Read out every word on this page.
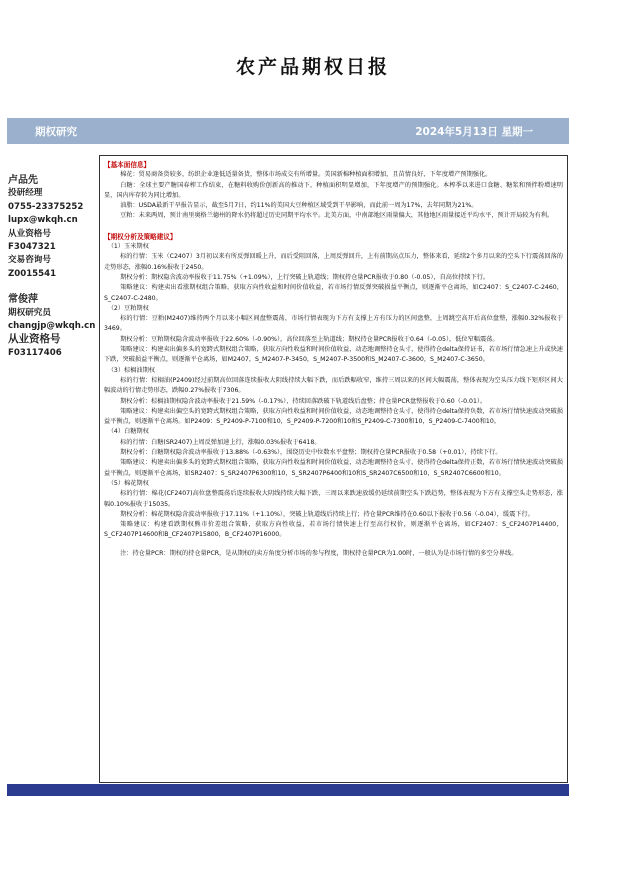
农产品期权日报
期权研究	2024年5月13日 星期一
卢品先
投研经理
0755-23375252
lupx@wkqh.cn
从业资格号
F3047321
交易咨询号
Z0015541
常俊萍
期权研究员
changjp@wkqh.cn
从业资格号
F03117406

【基本面信息】

棉花：贸易商备货较多，纺织企业逢低适量备货，整体市场成交有所增量。美国新棉种植面积增加，且苗情良好，下年度增产预期强化。

白糖：全球主要产糖国春榨工作结束，在糖料收购价创新高的推动下，种植面积明显增加，下年度增产的预期强化。本榨季以来进口食糖、糖浆和预拌粉增速明显，国内库存转为同比增加。

油脂：USDA最新干旱报告显示，截至5月7日，约11%的美国大豆种植区域受到干旱影响，而此前一周为17%，去年同期为21%。

豆粕：未来两周，预计南里奥格兰德州的降水仍将超过历史同期平均水平。北美方面，中南部地区雨量偏大，其他地区雨量接近平均水平，预计开局较为有利。

【期权分析及策略建议】

（1）玉米期权

标的行情：玉米（C2407）3月初以来有所反弹回暖上升，而后受阻回落，上周反弹回升，上有前期高点压力，整体来看，延续2个多月以来的空头下行震荡回落的走势形态，涨幅0.16%报收于2450。

期权分析：期权隐含波动率报收于11.75%（+1.09%），上行突破上轨道线；期权持仓量PCR报收于0.80（-0.05），自高位持续下行。

策略建议：构建卖出看涨期权组合策略，获取方向性收益和时间价值收益，若市场行情反弹突破损益平衡点，则逐渐平仓离场，如C2407：S_C2407-C-2460，S_C2407-C-2480。

（2）豆粕期权

标的行情：豆粕(M2407)维持两个月以来小幅区间盘整震荡，市场行情表现为下方有支撑上方有压力的区间盘整，上周跳空高开后高位盘整，涨幅0.32%报收于3469。

期权分析：豆粕期权隐含波动率报收于22.60%（-0.90%），高位回落至上轨道线；期权持仓量PCR报收于0.64（-0.05），低位窄幅震荡。

策略建议：构建卖出偏多头的宽跨式期权组合策略，获取方向性收益和时间价值收益，动态地调整持仓头寸，使得持仓delta保持证书，若市场行情急速上升或快速下跌，突破损益平衡点，则逐渐平仓离场，如M2407，S_M2407-P-3450，S_M2407-P-3500和S_M2407-C-3600，S_M2407-C-3650。

（3）棕榈油期权

标的行情：棕榈油(P2409)经过前期高位回落连续报收大阴线持续大幅下跌，而后跌幅收窄，维持三周以来的区间大幅震荡，整体表现为空头压力线下矩形区间大幅波动的行情走势形态，跌幅0.27%报收于7306。

期权分析：棕榈油期权隐含波动率报收于21.59%（-0.17%），持续回落跌破下轨道线后盘整；持仓量PCR盘整报收于0.60（-0.01）。

策略建议：构建卖出偏空头的宽跨式期权组合策略，获取方向性收益和时间价值收益，动态地调整持仓头寸，使得持仓delta保持负数，若市场行情快速波动突破损益平衡点，则逐渐平仓离场。如P2409：S_P2409-P-7100和10，S_P2409-P-7200和10和S_P2409-C-7300和10，S_P2409-C-7400和10。

（4）白糖期权

标的行情：白糖(SR2407)上周反弹加速上行，涨幅0.03%报收于6418。

期权分析：白糖期权隐含波动率报收于13.88%（-0.63%），围绕历史中位数水平盘整；期权持仓量PCR报收于0.58（+0.01），持续下行。

策略建议：构建卖出偏多头的宽跨式期权组合策略，获取方向性收益和时间价值收益，动态地调整持仓头寸，使得持仓delta保持正数，若市场行情快速波动突破损益平衡点，则逐渐平仓离场，如SR2407：S_SR2407P6300和10，S_SR2407P6400和10和S_SR2407C6500和10，S_SR2407C6600和10。

（5）棉花期权

标的行情：棉花(CF2407)高位盘整震荡后连续报收大阴线持续大幅下跌，三周以来跌速放缓仍延续前期空头下跌趋势，整体表现为下方有支撑空头走势形态，涨幅0.10%报收于15035。

期权分析：棉花期权隐含波动率报收于17.11%（+1.10%），突破上轨道线后持续上行；持仓量PCR维持在0.60以下报收于0.56（-0.04），缓震下行。

策略建议：构建看跌期权熊市价差组合策略，获取方向性收益，若市场行情快速上行至高行权价，则逐渐平仓离场，如CF2407：S_CF2407P14400，S_CF2407P14600和B_CF2407P15800，B_CF2407P16000。

注：持仓量PCR：期权的持仓量PCR，是从期权的卖方角度分析市场的参与程度，期权持仓量PCR为1.00时，一般认为是市场行情的多空分界线。
